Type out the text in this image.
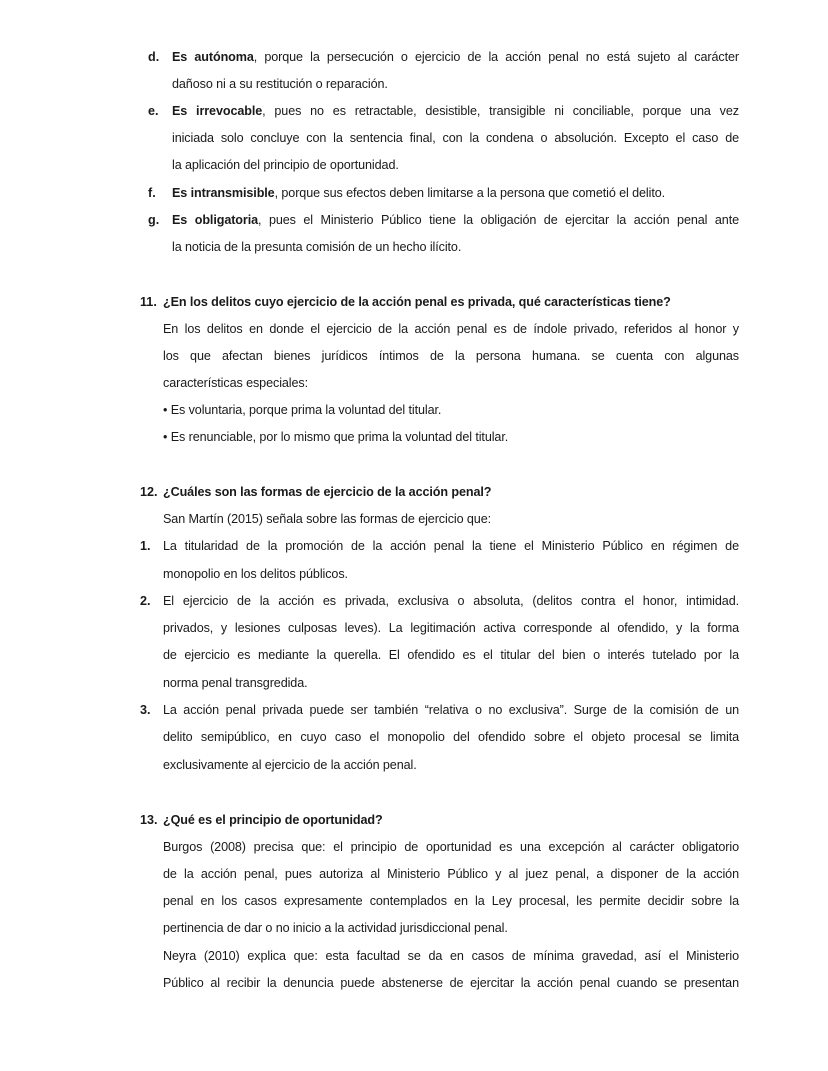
d. Es autónoma, porque la persecución o ejercicio de la acción penal no está sujeto al carácter
dañoso ni a su restitución o reparación.
e. Es irrevocable, pues no es retractable, desistible, transigible ni conciliable, porque una vez
iniciada solo concluye con la sentencia final, con la condena o absolución. Excepto el caso de
la aplicación del principio de oportunidad.
f. Es intransmisible, porque sus efectos deben limitarse a la persona que cometió el delito.
g. Es obligatoria, pues el Ministerio Público tiene la obligación de ejercitar la acción penal ante
la noticia de la presunta comisión de un hecho ilícito.
11. ¿En los delitos cuyo ejercicio de la acción penal es privada, qué características tiene?
En los delitos en donde el ejercicio de la acción penal es de índole privado, referidos al honor y
los que afectan bienes jurídicos íntimos de la persona humana. se cuenta con algunas
características especiales:
• Es voluntaria, porque prima la voluntad del titular.
• Es renunciable, por lo mismo que prima la voluntad del titular.
12. ¿Cuáles son las formas de ejercicio de la acción penal?
San Martín (2015) señala sobre las formas de ejercicio que:
1. La titularidad de la promoción de la acción penal la tiene el Ministerio Público en régimen de
monopolio en los delitos públicos.
2. El ejercicio de la acción es privada, exclusiva o absoluta, (delitos contra el honor, intimidad.
privados, y lesiones culposas leves). La legitimación activa corresponde al ofendido, y la forma
de ejercicio es mediante la querella. El ofendido es el titular del bien o interés tutelado por la
norma penal transgredida.
3. La acción penal privada puede ser también “relativa o no exclusiva”. Surge de la comisión de un
delito semipúblico, en cuyo caso el monopolio del ofendido sobre el objeto procesal se limita
exclusivamente al ejercicio de la acción penal.
13. ¿Qué es el principio de oportunidad?
Burgos (2008) precisa que: el principio de oportunidad es una excepción al carácter obligatorio
de la acción penal, pues autoriza al Ministerio Público y al juez penal, a disponer de la acción
penal en los casos expresamente contemplados en la Ley procesal, les permite decidir sobre la
pertinencia de dar o no inicio a la actividad jurisdiccional penal.
Neyra (2010) explica que: esta facultad se da en casos de mínima gravedad, así el Ministerio
Público al recibir la denuncia puede abstenerse de ejercitar la acción penal cuando se presentan
